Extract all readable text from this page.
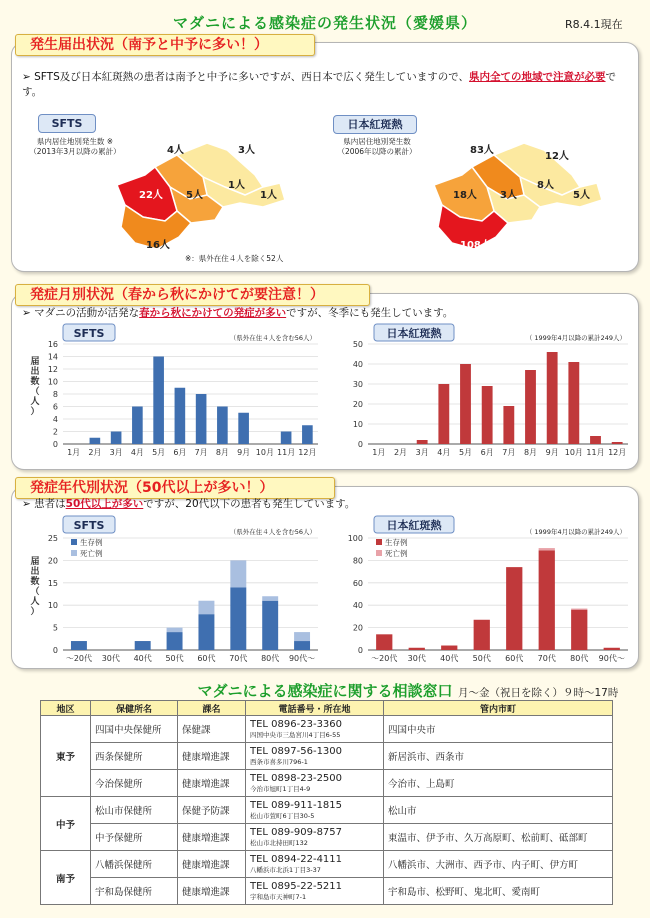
マダニによる感染症の発生状況（愛媛県）	R8.4.1現在
発生届出状況（南予と中予に多い！）
➢ SFTS及び日本紅斑熱の患者は南予と中予に多いですが、西日本で広く発生していますので、県内全ての地域で注意が必要です。
SFTS
県内居住地別発生数 ※
（2013年3月以降の累計）
日本紅斑熱
県内居住地別発生数
（2006年以降の累計）
4人	3人
22人 5人
1人
1人
16人
※：県外在住４人を除く52人
83人
12人
18人 3人
8人
5人
108人
発症月別状況（春から秋にかけてが要注意！）
➢ マダニの活動が活発な春から秋にかけての発症が多いですが、冬季にも発生しています。
発症年代別状況（50代以上が多い！）
➢ 患者は50代以上が多いですが、20代以下の患者も発生しています。
SFTS	（県外在住４人を含む56人）
0
2
4
6
8
10
12
14
16
届出数（人）
1月 2月 3月 4月 5月 6月 7月 8月 9月 10月 11月 12月
日本紅斑熱	（ 1999年4月以降の累計249人）
0
10
20
30
40
50
1月 2月 3月 4月 5月 6月 7月 8月 9月 10月 11月 12月
SFTS	（県外在住４人を含む56人）
0
5
10
15
20
25
届出数（人）
～20代 30代 40代 50代 60代 70代 80代 90代～
生存例
死亡例
日本紅斑熱	（ 1999年4月以降の累計249人）
0
20
40
60
80
100
～20代 30代 40代 50代 60代 70代 80代 90代～
生存例
死亡例
マダニによる感染症に関する相談窓口 月～金（祝日を除く）９時～17時
地区	保健所名	課名	電話番号・所在地	管内市町
東予	四国中央保健所	保健課	TEL 0896-23-3360
四国中央市三島宮川4丁目6-55	四国中央市
	西条保健所	健康増進課	TEL 0897-56-1300
西条市喜多川796-1	新居浜市、西条市
	今治保健所	健康増進課	TEL 0898-23-2500
今治市旭町1丁目4-9	今治市、上島町
中予	松山市保健所	保健予防課	TEL 089-911-1815
松山市萱町6丁目30-5	松山市
	中予保健所	健康増進課	TEL 089-909-8757
松山市北持田町132	東温市、伊予市、久万高原町、松前町、砥部町
南予	八幡浜保健所	健康増進課	TEL 0894-22-4111
八幡浜市北浜1丁目3-37	八幡浜市、大洲市、西予市、内子町、伊方町
	宇和島保健所	健康増進課	TEL 0895-22-5211
宇和島市天神町7-1	宇和島市、松野町、鬼北町、愛南町
